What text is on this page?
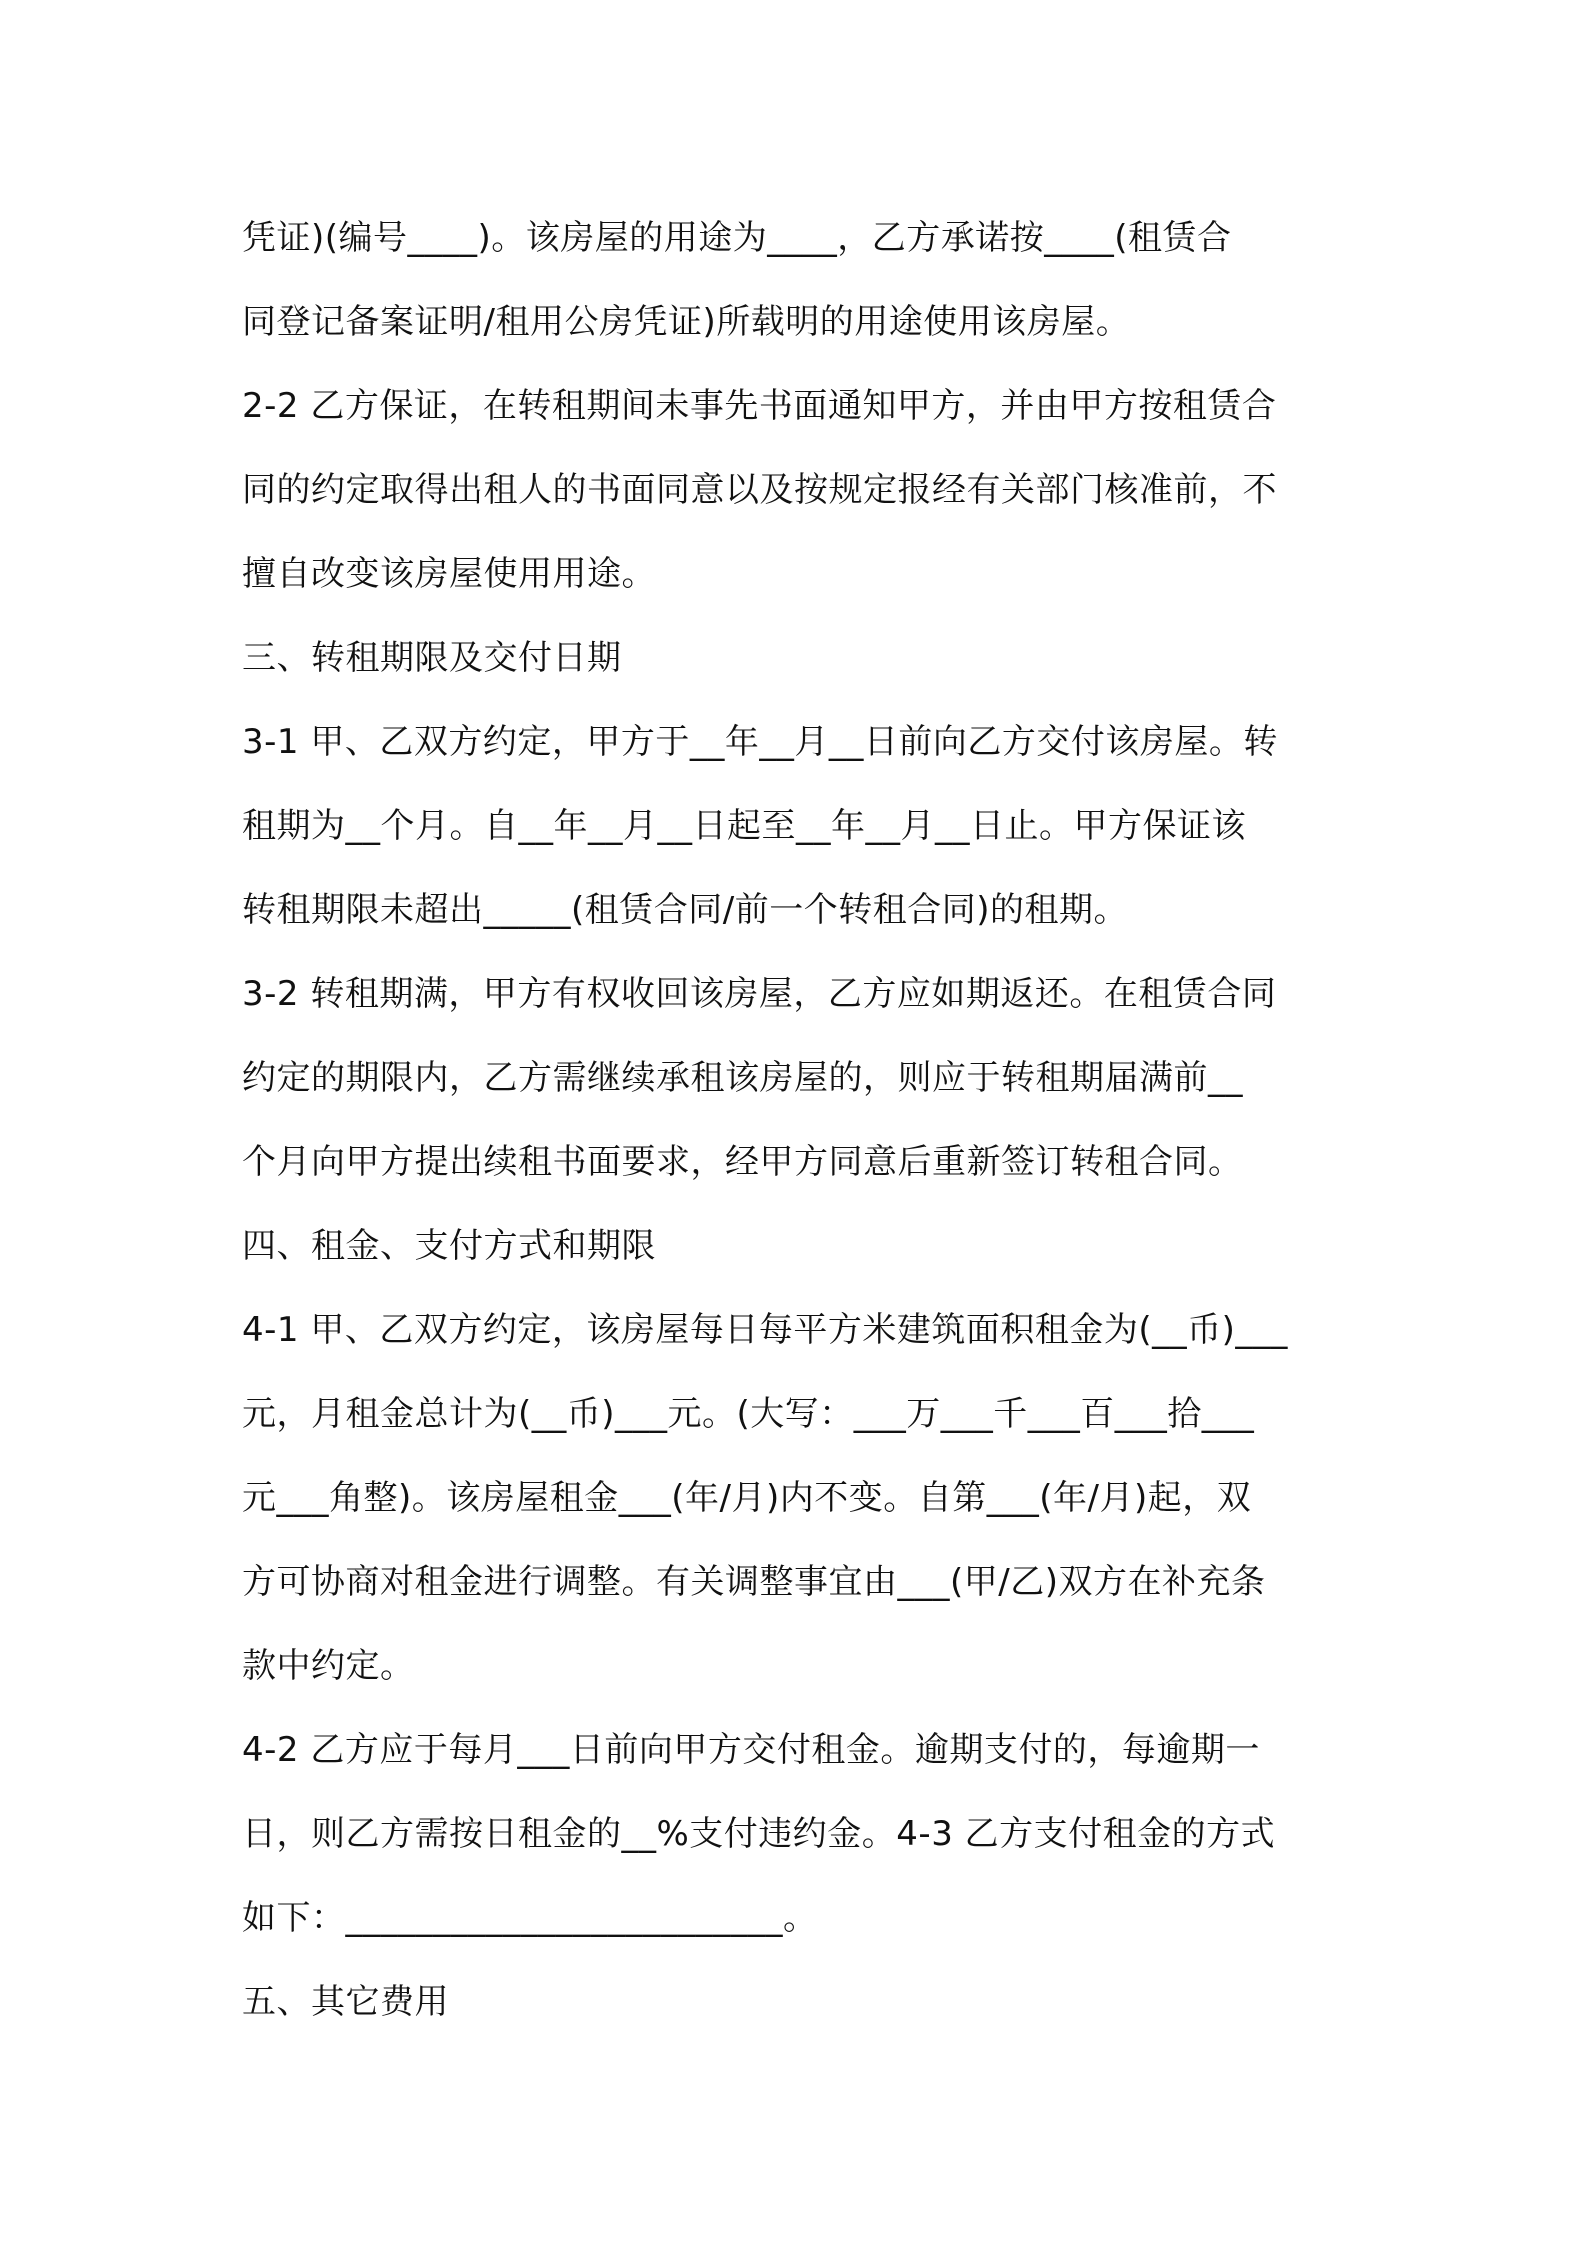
凭证)(编号____)。该房屋的用途为____，乙方承诺按____(租赁合
同登记备案证明/租用公房凭证)所载明的用途使用该房屋。
2-2 乙方保证，在转租期间未事先书面通知甲方，并由甲方按租赁合
同的约定取得出租人的书面同意以及按规定报经有关部门核准前，不
擅自改变该房屋使用用途。
三、转租期限及交付日期
3-1 甲、乙双方约定，甲方于__年__月__日前向乙方交付该房屋。转
租期为__个月。自__年__月__日起至__年__月__日止。甲方保证该
转租期限未超出_____(租赁合同/前一个转租合同)的租期。
3-2 转租期满，甲方有权收回该房屋，乙方应如期返还。在租赁合同
约定的期限内，乙方需继续承租该房屋的，则应于转租期届满前__
个月向甲方提出续租书面要求，经甲方同意后重新签订转租合同。
四、租金、支付方式和期限
4-1 甲、乙双方约定，该房屋每日每平方米建筑面积租金为(__币)___
元，月租金总计为(__币)___元。(大写：___万___千___百___拾___
元___角整)。该房屋租金___(年/月)内不变。自第___(年/月)起，双
方可协商对租金进行调整。有关调整事宜由___(甲/乙)双方在补充条
款中约定。
4-2 乙方应于每月___日前向甲方交付租金。逾期支付的，每逾期一
日，则乙方需按日租金的__%支付违约金。4-3 乙方支付租金的方式
如下：_________________________。
五、其它费用
